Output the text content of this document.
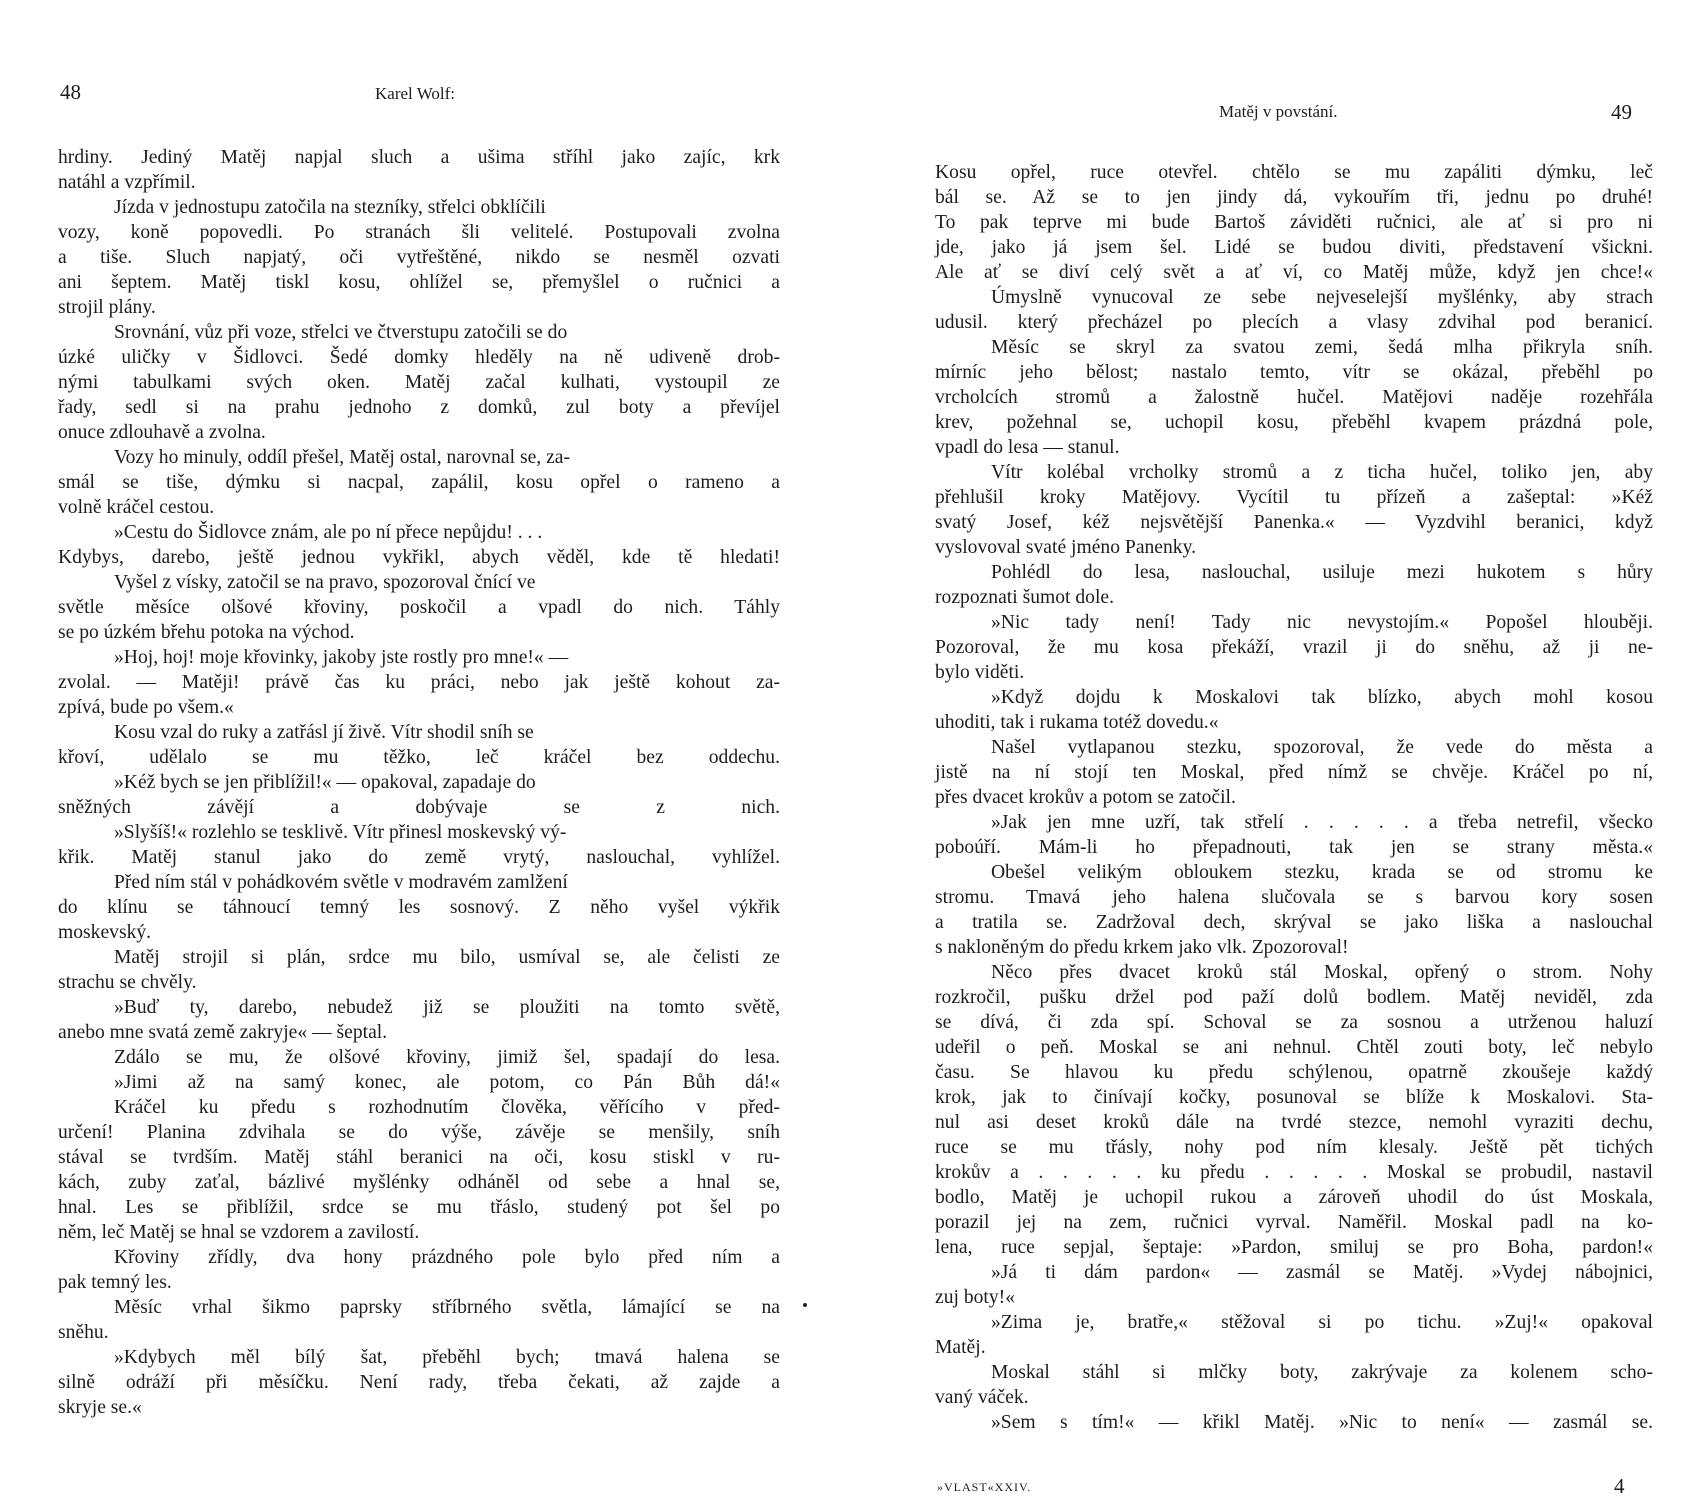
48	Karel Wolf:
hrdiny. Jediný Matěj napjal sluch a ušima stříhl jako zajíc, krk
natáhl a vzpřímil.
Jízda v jednostupu zatočila na stezníky, střelci obklíčili
vozy, koně popovedli. Po stranách šli velitelé. Postupovali zvolna
a tiše. Sluch napjatý, oči vytřeštěné, nikdo se nesměl ozvati
ani šeptem. Matěj tiskl kosu, ohlížel se, přemyšlel o ručnici a
strojil plány.
Srovnání, vůz při voze, střelci ve čtverstupu zatočili se do
úzké uličky v Šidlovci. Šedé domky hleděly na ně udiveně drob-
nými tabulkami svých oken. Matěj začal kulhati, vystoupil ze
řady, sedl si na prahu jednoho z domků, zul boty a převíjel
onuce zdlouhavě a zvolna.
Vozy ho minuly, oddíl přešel, Matěj ostal, narovnal se, za-
smál se tiše, dýmku si nacpal, zapálil, kosu opřel o rameno a
volně kráčel cestou.
»Cestu do Šidlovce znám, ale po ní přece nepůjdu! . . .
Kdybys, darebo, ještě jednou vykřikl, abych věděl, kde tě hledati!
Vyšel z vísky, zatočil se na pravo, spozoroval čnící ve
světle měsíce olšové křoviny, poskočil a vpadl do nich. Táhly
se po úzkém břehu potoka na východ.
»Hoj, hoj! moje křovinky, jakoby jste rostly pro mne!« —
zvolal. — Matěji! právě čas ku práci, nebo jak ještě kohout za-
zpívá, bude po všem.«
Kosu vzal do ruky a zatřásl jí živě. Vítr shodil sníh se
křoví, udělalo se mu těžko, leč kráčel bez oddechu.
»Kéž bych se jen přiblížil!« — opakoval, zapadaje do
sněžných závějí a dobývaje se z nich.
»Slyšíš!« rozlehlo se tesklivě. Vítr přinesl moskevský vý-
křik. Matěj stanul jako do země vrytý, naslouchal, vyhlížel.
Před ním stál v pohádkovém světle v modravém zamlžení
do klínu se táhnoucí temný les sosnový. Z něho vyšel výkřik
moskevský.
Matěj strojil si plán, srdce mu bilo, usmíval se, ale čelisti ze
strachu se chvěly.
»Buď ty, darebo, nebudež již se ploužiti na tomto světě,
anebo mne svatá země zakryje« — šeptal.
Zdálo se mu, že olšové křoviny, jimiž šel, spadají do lesa.
»Jimi až na samý konec, ale potom, co Pán Bůh dá!«
Kráčel ku předu s rozhodnutím člověka, věřícího v před-
určení! Planina zdvihala se do výše, závěje se menšily, sníh
stával se tvrdším. Matěj stáhl beranici na oči, kosu stiskl v ru-
kách, zuby zaťal, bázlivé myšlénky odháněl od sebe a hnal se,
hnal. Les se přiblížil, srdce se mu třáslo, studený pot šel po
něm, leč Matěj se hnal se vzdorem a zavilostí.
Křoviny zřídly, dva hony prázdného pole bylo před ním a
pak temný les.
Měsíc vrhal šikmo paprsky stříbrného světla, lámající se na
sněhu.
»Kdybych měl bílý šat, přeběhl bych; tmavá halena se
silně odráží při měsíčku. Není rady, třeba čekati, až zajde a
skryje se.«
Matěj v povstání.	49
Kosu opřel, ruce otevřel. chtělo se mu zapáliti dýmku, leč
bál se. Až se to jen jindy dá, vykouřím tři, jednu po druhé!
To pak teprve mi bude Bartoš záviděti ručnici, ale ať si pro ni
jde, jako já jsem šel. Lidé se budou diviti, představení všickni.
Ale ať se diví celý svět a ať ví, co Matěj může, když jen chce!«
Úmyslně vynucoval ze sebe nejveselejší myšlénky, aby strach
udusil. který přecházel po plecích a vlasy zdvihal pod beranicí.
Měsíc se skryl za svatou zemi, šedá mlha přikryla sníh.
mírníc jeho bělost; nastalo temto, vítr se okázal, přeběhl po
vrcholcích stromů a žalostně hučel. Matějovi naděje rozehřála
krev, požehnal se, uchopil kosu, přeběhl kvapem prázdná pole,
vpadl do lesa — stanul.
Vítr kolébal vrcholky stromů a z ticha hučel, toliko jen, aby
přehlušil kroky Matějovy. Vycítil tu přízeň a zašeptal: »Kéž
svatý Josef, kéž nejsvětější Panenka.« — Vyzdvihl beranici, když
vyslovoval svaté jméno Panenky.
Pohlédl do lesa, naslouchal, usiluje mezi hukotem s hůry
rozpoznati šumot dole.
»Nic tady není! Tady nic nevystojím.« Popošel hlouběji.
Pozoroval, že mu kosa překáží, vrazil ji do sněhu, až ji ne-
bylo viděti.
»Když dojdu k Moskalovi tak blízko, abych mohl kosou
uhoditi, tak i rukama totéž dovedu.«
Našel vytlapanou stezku, spozoroval, že vede do města a
jistě na ní stojí ten Moskal, před nímž se chvěje. Kráčel po ní,
přes dvacet krokův a potom se zatočil.
»Jak jen mne uzří, tak střelí . . . . . a třeba netrefil, všecko
poboúří. Mám-li ho přepadnouti, tak jen se strany města.«
Obešel velikým obloukem stezku, krada se od stromu ke
stromu. Tmavá jeho halena slučovala se s barvou kory sosen
a tratila se. Zadržoval dech, skrýval se jako liška a naslouchal
s nakloněným do předu krkem jako vlk. Zpozoroval!
Něco přes dvacet kroků stál Moskal, opřený o strom. Nohy
rozkročil, pušku držel pod paží dolů bodlem. Matěj neviděl, zda
se dívá, či zda spí. Schoval se za sosnou a utrženou haluzí
udeřil o peň. Moskal se ani nehnul. Chtěl zouti boty, leč nebylo
času. Se hlavou ku předu schýlenou, opatrně zkoušeje každý
krok, jak to činívají kočky, posunoval se blíže k Moskalovi. Sta-
nul asi deset kroků dále na tvrdé stezce, nemohl vyraziti dechu,
ruce se mu třásly, nohy pod ním klesaly. Ještě pět tichých
krokův a . . . . . ku předu . . . . . Moskal se probudil, nastavil
bodlo, Matěj je uchopil rukou a zároveň uhodil do úst Moskala,
porazil jej na zem, ručnici vyrval. Naměřil. Moskal padl na ko-
lena, ruce sepjal, šeptaje: »Pardon, smiluj se pro Boha, pardon!«
»Já ti dám pardon« — zasmál se Matěj. »Vydej nábojnici,
zuj boty!«
»Zima je, bratře,« stěžoval si po tichu. »Zuj!« opakoval
Matěj.
Moskal stáhl si mlčky boty, zakrývaje za kolenem scho-
vaný váček.
»Sem s tím!« — křikl Matěj. »Nic to není« — zasmál se.
»VLAST«XXIV.	4
